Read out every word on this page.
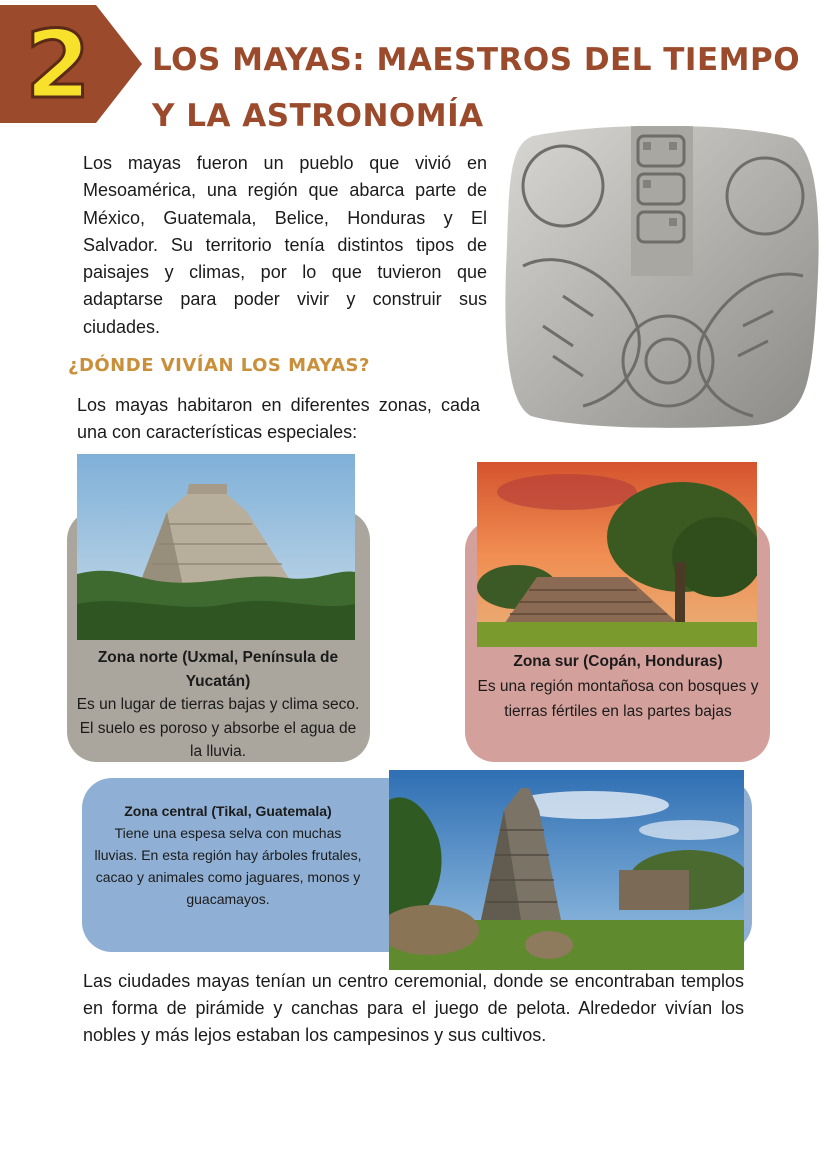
2 LOS MAYAS: MAESTROS DEL TIEMPO Y LA ASTRONOMÍA

Los mayas fueron un pueblo que vivió en Mesoamérica, una región que abarca parte de México, Guatemala, Belice, Honduras y El Salvador. Su territorio tenía distintos tipos de paisajes y climas, por lo que tuvieron que adaptarse para poder vivir y construir sus ciudades.

¿DÓNDE VIVÍAN LOS MAYAS?

Los mayas habitaron en diferentes zonas, cada una con características especiales:

Zona norte (Uxmal, Península de Yucatán)
Es un lugar de tierras bajas y clima seco. El suelo es poroso y absorbe el agua de la lluvia.
Zona sur (Copán, Honduras)
Es una región montañosa con bosques y tierras fértiles en las partes bajas
Zona central (Tikal, Guatemala)
Tiene una espesa selva con muchas lluvias. En esta región hay árboles frutales, cacao y animales como jaguares, monos y guacamayos.

Las ciudades mayas tenían un centro ceremonial, donde se encontraban templos en forma de pirámide y canchas para el juego de pelota. Alrededor vivían los nobles y más lejos estaban los campesinos y sus cultivos.
